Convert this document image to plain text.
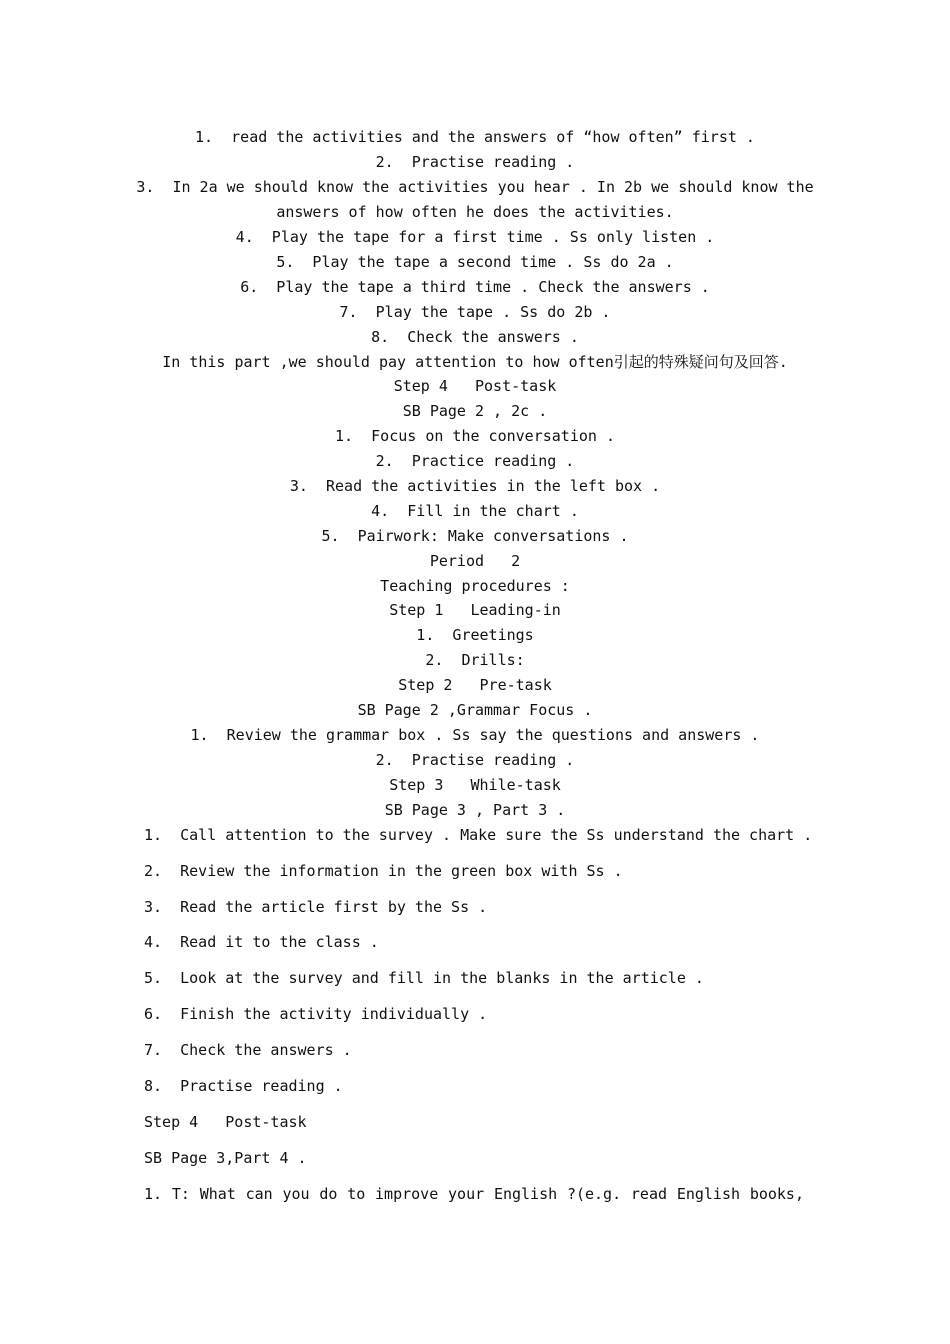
1.  read the activities and the answers of “how often” first .
2.  Practise reading .
3.  In 2a we should know the activities you hear . In 2b we should know the
answers of how often he does the activities.
4.  Play the tape for a first time . Ss only listen .
5.  Play the tape a second time . Ss do 2a .
6.  Play the tape a third time . Check the answers .
7.  Play the tape . Ss do 2b .
8.  Check the answers .
In this part ,we should pay attention to how often引起的特殊疑问句及回答.
Step 4   Post-task
SB Page 2 , 2c .
1.  Focus on the conversation .
2.  Practice reading .
3.  Read the activities in the left box .
4.  Fill in the chart .
5.  Pairwork: Make conversations .
Period   2
Teaching procedures :
Step 1   Leading-in
1.  Greetings
2.  Drills:
Step 2   Pre-task
SB Page 2 ,Grammar Focus .
1.  Review the grammar box . Ss say the questions and answers .
2.  Practise reading .
Step 3   While-task
SB Page 3 , Part 3 .
1.  Call attention to the survey . Make sure the Ss understand the chart .
2.  Review the information in the green box with Ss .
3.  Read the article first by the Ss .
4.  Read it to the class .
5.  Look at the survey and fill in the blanks in the article .
6.  Finish the activity individually .
7.  Check the answers .
8.  Practise reading .
Step 4   Post-task
SB Page 3,Part 4 .
1. T: What can you do to improve your English ?(e.g. read English books,
